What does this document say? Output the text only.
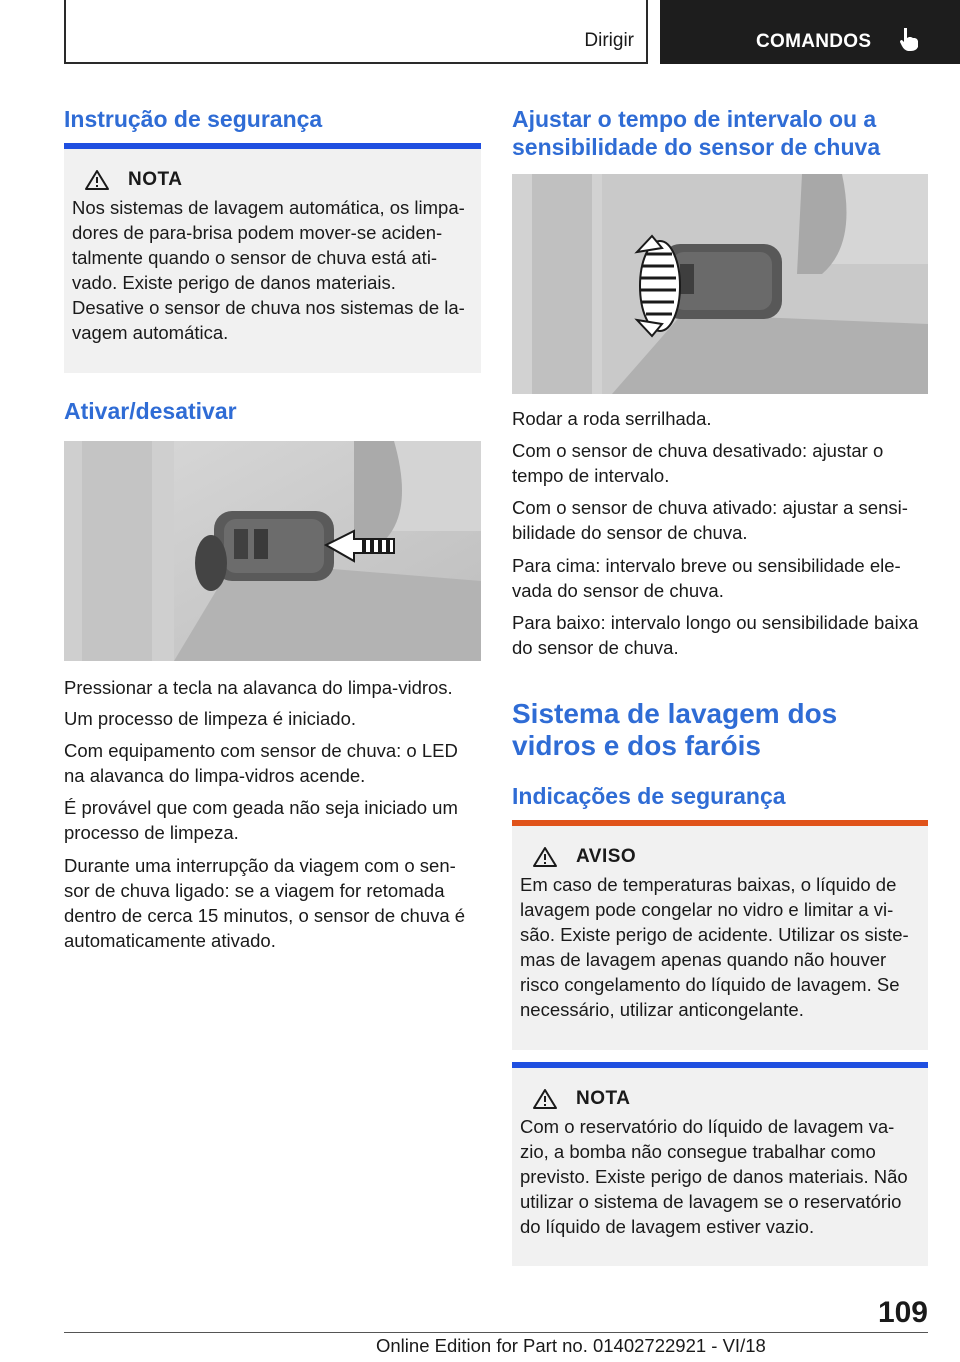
Dirigir	COMANDOS
Instrução de segurança
NOTA
Nos sistemas de lavagem automática, os limpa-dores de para-brisa podem mover-se aciden-talmente quando o sensor de chuva está ati-vado. Existe perigo de danos materiais. Desative o sensor de chuva nos sistemas de la-vagem automática.
Ativar/desativar

Pressionar a tecla na alavanca do limpa-vidros.

Um processo de limpeza é iniciado.

Com equipamento com sensor de chuva: o LED na alavanca do limpa-vidros acende.

É provável que com geada não seja iniciado um processo de limpeza.

Durante uma interrupção da viagem com o sen-sor de chuva ligado: se a viagem for retomada dentro de cerca 15 minutos, o sensor de chuva é automaticamente ativado.

Ajustar o tempo de intervalo ou a sensibilidade do sensor de chuva

Rodar a roda serrilhada.

Com o sensor de chuva desativado: ajustar o tempo de intervalo.

Com o sensor de chuva ativado: ajustar a sensi-bilidade do sensor de chuva.

Para cima: intervalo breve ou sensibilidade ele-vada do sensor de chuva.

Para baixo: intervalo longo ou sensibilidade baixa do sensor de chuva.

Sistema de lavagem dos vidros e dos faróis
Indicações de segurança
AVISO
Em caso de temperaturas baixas, o líquido de lavagem pode congelar no vidro e limitar a vi-são. Existe perigo de acidente. Utilizar os siste-mas de lavagem apenas quando não houver risco congelamento do líquido de lavagem. Se necessário, utilizar anticongelante.
NOTA
Com o reservatório do líquido de lavagem va-zio, a bomba não consegue trabalhar como previsto. Existe perigo de danos materiais. Não utilizar o sistema de lavagem se o reservatório do líquido de lavagem estiver vazio.
109
Online Edition for Part no. 01402722921 - VI/18
